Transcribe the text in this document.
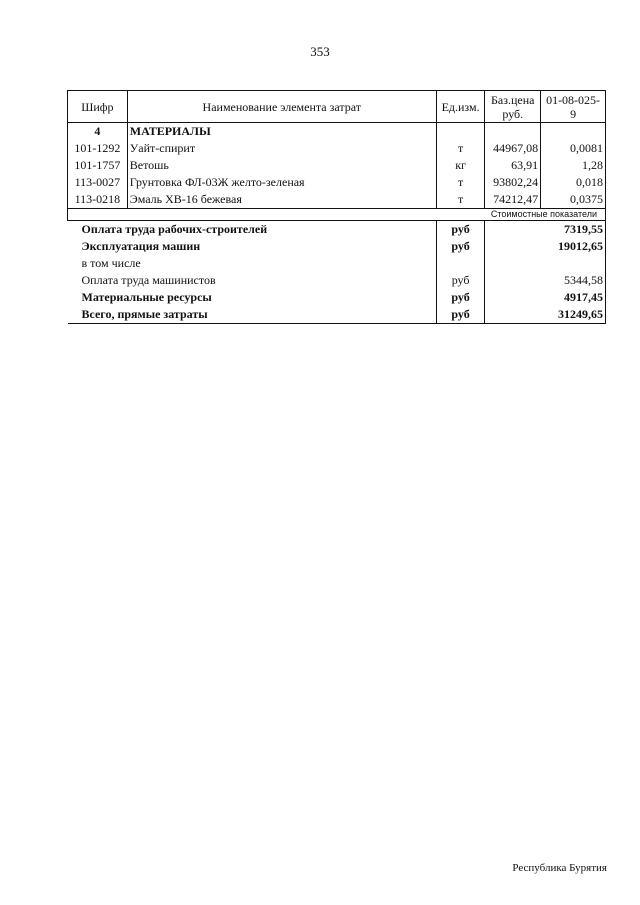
353
Шифр	Наименование элемента затрат	Ед.изм.	Баз.цена руб.	01-08-025-9
4	МАТЕРИАЛЫ			
101-1292	Уайт-спирит	т	44967,08	0,0081
101-1757	Ветошь	кг	63,91	1,28
113-0027	Грунтовка ФЛ-03Ж желто-зеленая	т	93802,24	0,018
113-0218	Эмаль ХВ-16 бежевая	т	74212,47	0,0375
Стоимостные показатели				
Оплата труда рабочих-строителей		руб		7319,55
Эксплуатация машин		руб		19012,65
в том числе				
Оплата труда машинистов		руб		5344,58
Материальные ресурсы		руб		4917,45
Всего, прямые затраты		руб		31249,65
Республика Бурятия
